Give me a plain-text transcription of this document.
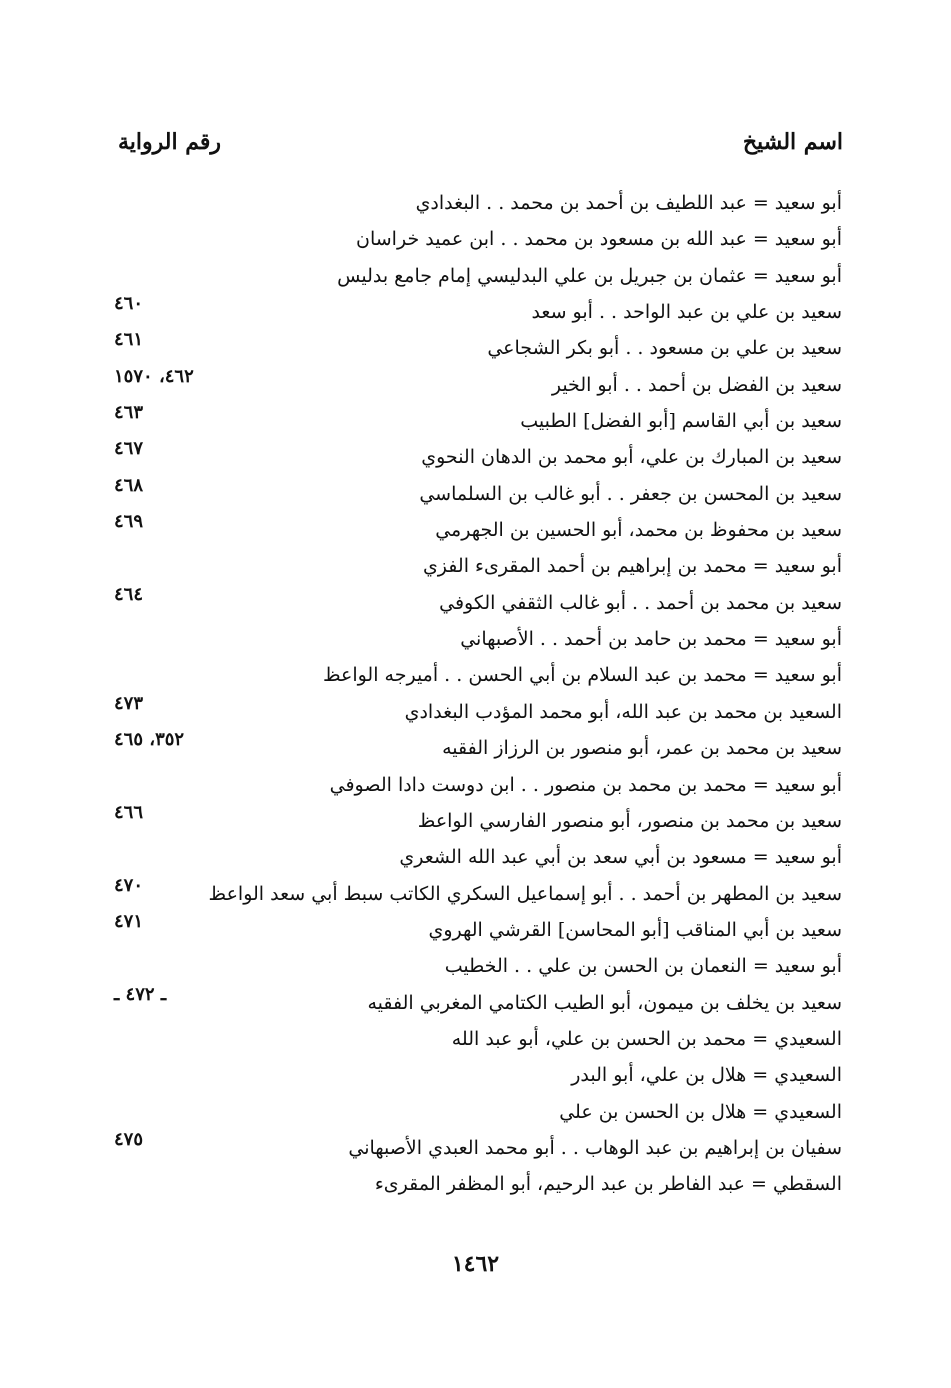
اسم الشيخ
رقم الرواية
أبو سعيد = عبد اللطيف بن أحمد بن محمد . . البغدادي
أبو سعيد = عبد الله بن مسعود بن محمد . . ابن عميد خراسان
أبو سعيد = عثمان بن جبريل بن علي البدليسي إمام جامع بدليس
سعيد بن علي بن عبد الواحد . . أبو سعد
٤٦٠
سعيد بن علي بن مسعود . . أبو بكر الشجاعي
٤٦١
سعيد بن الفضل بن أحمد . . أبو الخير
٤٦٢، ١٥٧٠
سعيد بن أبي القاسم [أبو الفضل] الطبيب
٤٦٣
سعيد بن المبارك بن علي، أبو محمد بن الدهان النحوي
٤٦٧
سعيد بن المحسن بن جعفر . . أبو غالب بن السلماسي
٤٦٨
سعيد بن محفوظ بن محمد، أبو الحسين بن الجهرمي
٤٦٩
أبو سعيد = محمد بن إبراهيم بن أحمد المقرىء الفزي
سعيد بن محمد بن أحمد . . أبو غالب الثقفي الكوفي
٤٦٤
أبو سعيد = محمد بن حامد بن أحمد . . الأصبهاني
أبو سعيد = محمد بن عبد السلام بن أبي الحسن . . أميرجه الواعظ
السعيد بن محمد بن عبد الله، أبو محمد المؤدب البغدادي
٤٧٣
سعيد بن محمد بن عمر، أبو منصور بن الرزاز الفقيه
٣٥٢، ٤٦٥
أبو سعيد = محمد بن محمد بن منصور . . ابن دوست دادا الصوفي
سعيد بن محمد بن منصور، أبو منصور الفارسي الواعظ
٤٦٦
أبو سعيد = مسعود بن أبي سعد بن أبي عبد الله الشعري
سعيد بن المطهر بن أحمد . . أبو إسماعيل السكري الكاتب سبط أبي سعد الواعظ
٤٧٠
سعيد بن أبي المناقب [أبو المحاسن] القرشي الهروي
٤٧١
أبو سعيد = النعمان بن الحسن بن علي . . الخطيب
سعيد بن يخلف بن ميمون، أبو الطيب الكتامي المغربي الفقيه
ـ ٤٧٢ ـ
السعيدي = محمد بن الحسن بن علي، أبو عبد الله
السعيدي = هلال بن علي، أبو البدر
السعيدي = هلال بن الحسن بن علي
سفيان بن إبراهيم بن عبد الوهاب . . أبو محمد العبدي الأصبهاني
٤٧٥
السقطي = عبد الفاطر بن عبد الرحيم، أبو المظفر المقرىء
١٤٦٢
